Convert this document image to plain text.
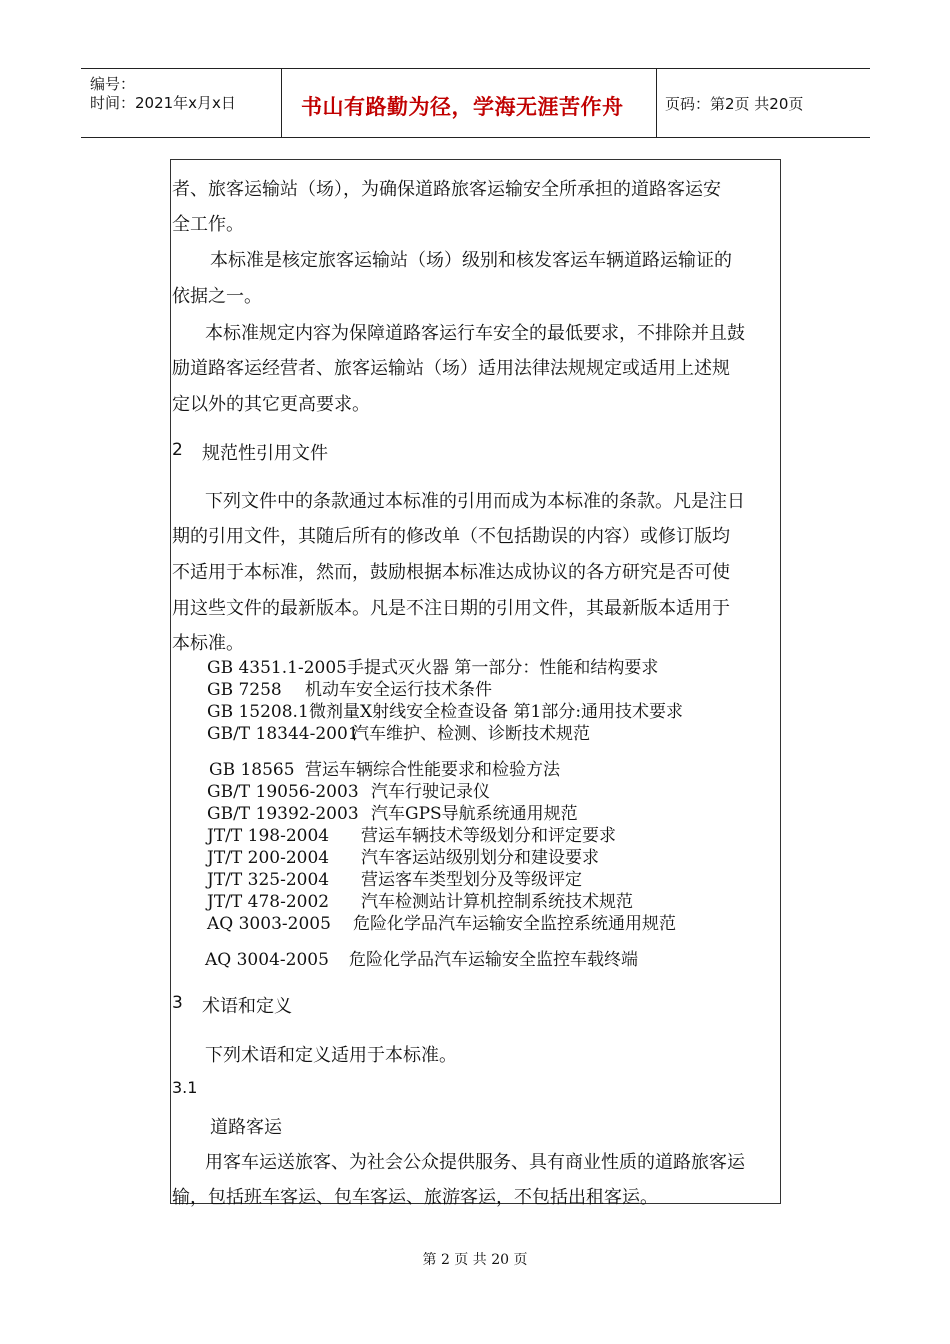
编号：
时间：2021年x月x日	书山有路勤为径，学海无涯苦作舟	页码：第2页 共20页
者、旅客运输站（场），为确保道路旅客运输安全所承担的道路客运安
全工作。
本标准是核定旅客运输站（场）级别和核发客运车辆道路运输证的
依据之一。
本标准规定内容为保障道路客运行车安全的最低要求，不排除并且鼓
励道路客运经营者、旅客运输站（场）适用法律法规规定或适用上述规
定以外的其它更高要求。
2 规范性引用文件
下列文件中的条款通过本标准的引用而成为本标准的条款。凡是注日
期的引用文件，其随后所有的修改单（不包括勘误的内容）或修订版均
不适用于本标准，然而，鼓励根据本标准达成协议的各方研究是否可使
用这些文件的最新版本。凡是不注日期的引用文件，其最新版本适用于
本标准。
GB 4351.1-2005手提式灭火器 第一部分：性能和结构要求
GB 7258 机动车安全运行技术条件
GB 15208.1微剂量X射线安全检查设备 第1部分:通用技术要求
GB/T 18344-2001汽车维护、检测、诊断技术规范
GB 18565 营运车辆综合性能要求和检验方法
GB/T 19056-2003 汽车行驶记录仪
GB/T 19392-2003 汽车GPS导航系统通用规范
JT/T 198-2004 营运车辆技术等级划分和评定要求
JT/T 200-2004 汽车客运站级别划分和建设要求
JT/T 325-2004 营运客车类型划分及等级评定
JT/T 478-2002 汽车检测站计算机控制系统技术规范
AQ 3003-2005 危险化学品汽车运输安全监控系统通用规范
AQ 3004-2005 危险化学品汽车运输安全监控车载终端
3 术语和定义
下列术语和定义适用于本标准。
3.1
道路客运
用客车运送旅客、为社会公众提供服务、具有商业性质的道路旅客运
输，包括班车客运、包车客运、旅游客运，不包括出租客运。
第 2 页 共 20 页
